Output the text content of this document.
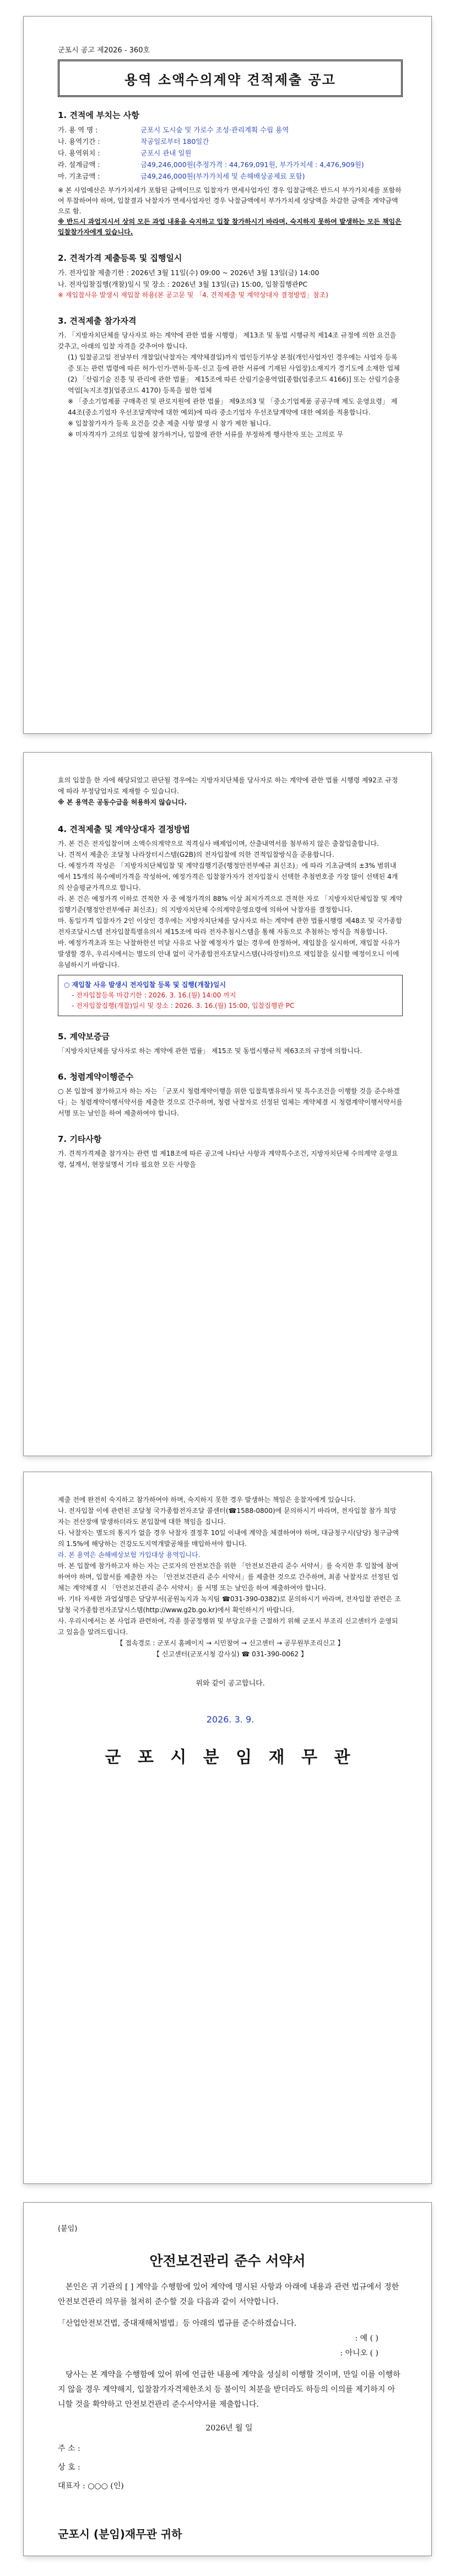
군포시 공고 제2026 - 360호
용역 소액수의계약 견적제출 공고
1. 견적에 부치는 사항
가. 용 역 명 :	군포시 도시숲 및 가로수 조성·관리계획 수립 용역
나. 용역기간 :	착공일로부터 180일간
다. 용역위치 :	군포시 관내 일원
라. 설계금액 :	금49,246,000원(추정가격 : 44,769,091원, 부가가치세 : 4,476,909원)
마. 기초금액 :	금49,246,000원(부가가치세 및 손해배상공제료 포함)
※ 본 사업예산은 부가가치세가 포함된 금액이므로 입찰자가 면세사업자인 경우 입찰금액은 반드시 부가가치세를 포함하여 투찰하여야 하며, 입찰결과 낙찰자가 면세사업자인 경우 낙찰금액에서 부가가치세 상당액을 차감한 금액을 계약금액으로 함.
※ 반드시 과업지시서 상의 모든 과업 내용을 숙지하고 입찰 참가하시기 바라며, 숙지하지 못하여 발생하는 모든 책임은 입찰참가자에게 있습니다.
2. 견적가격 제출등록 및 집행일시
가. 전자입찰 제출기한 : 2026년 3월 11일(수) 09:00 ~ 2026년 3월 13일(금) 14:00
나. 전자입찰집행(개찰)일시 및 장소 : 2026년 3월 13일(금) 15:00, 입찰집행관PC
※ 재입찰사유 발생시 재입찰 하용(본 공고문 및 「4. 견적제출 및 계약상대자 결정방법」참조)
3. 견적제출 참가자격
가. 「지방자치단체를 당사자로 하는 계약에 관한 법률 시행령」 제13조 및 동법 시행규칙 제14조 규정에 의한 요건을 갖추고, 아래의 입찰 자격을 갖추어야 합니다.
(1) 입찰공고일 전날부터 개찰일(낙찰자는 계약체결일)까지 법인등기부상 본점(개인사업자인 경우에는 사업자 등록증 또는 관련 법령에 따른 허가·인가·면허·등록·신고 등에 관한 서류에 기재된 사업장)소재지가 경기도에 소재한 업체
(2) 「산림기술 진흥 및 관리에 관한 법률」 제15조에 따른 산림기술용역업[종합(업종코드 4166)] 또는 산림기술용역업[녹지조경](업종코드 4170) 등록을 필한 업체
※ 「중소기업제품 구매촉진 및 판로지원에 관한 법률」 제9조의3 및 「중소기업제품 공공구매 제도 운영요령」 제44조(중소기업자 우선조달계약에 대한 예외)에 따라 중소기업자 우선조달계약에 대한 예외를 적용합니다.
※ 입찰참가자가 등록 요건을 갖춘 제출 사항 발생 시 참가 제한 됩니다.
※ 미자격자가 고의로 입찰에 참가하거나, 입찰에 관한 서류를 부정하게 행사한자 또는 고의로 무
효의 입찰을 한 자에 해당되었고 판단될 경우에는 지방자치단체를 당사자로 하는 계약에 관한 법률 시행령 제92조 규정에 따라 부정당업자로 제재할 수 있습니다.
※ 본 용역은 공동수급을 허용하지 않습니다.
4. 견적제출 및 계약상대자 결정방법
가. 본 건은 전자입찰이며 소액수의계약으로 적격심사 배제업이며, 산출내역서를 첨부하지 않은 출찰입출합니다.
나. 견적서 제출은 조달청 나라장터시스템(G2B)의 전자입찰에 의한 견적입찰방식을 준용합니다.
다. 예정가격 작성은 「지방자치단체입찰 및 계약집행기준(행정안전부예규 최신조)」에 따라 기초금액의 ±3% 범위내에서 15개의 복수예비가격을 작성하여, 예정가격은 입찰참가자가 전자입찰시 선택한 추첨번호중 가장 많이 선택된 4개의 산술평균가격으로 합니다.
라. 본 건은 예정가격 이하로 견적한 자 중 예정가격의 88% 이상 최저가격으로 견적한 자로 「지방자치단체입찰 및 계약집행기준(행정안전부예규 최신조)」의 지방자치단체 수의계약운영요령에 의하여 낙찰자를 결정합니다.
마. 동일가격 입찰자가 2인 이상인 경우에는 지방자치단체를 당사자로 하는 계약에 관한 법률시행령 제48조 및 국가종합전자조달시스템 전자입찰특별유의서 제15조에 따라 전자추첨시스템을 통해 자동으로 추첨하는 방식을 적용합니다.
바. 예정가격초과 또는 낙찰하한선 미달 사유로 낙찰 예정자가 없는 경우에 한정하여, 재입찰을 실시하며, 재입찰 사유가 발생할 경우, 우리시에서는 별도의 안내 없이 국가종합전자조달시스템(나라장터)으로 재입찰을 실시할 예정이오니 이에 유념하시기 바랍니다.
○ 재입찰 사유 발생시 전자입찰 등록 및 집행(개찰)일시
- 전자입찰등록 마감기한 : 2026. 3. 16.(월) 14:00 까지
- 전자입찰집행(개찰)일시 및 장소 : 2026. 3. 16.(월) 15:00, 입찰집행관 PC
5. 계약보증금
「지방자치단체를 당사자로 하는 계약에 관한 법률」 제15조 및 동법시행규칙 제63조의 규정에 의합니다.
6. 청렴계약이행준수
○ 본 입찰에 참가하고자 하는 자는 「군포시 청렴계약이행을 위한 입찰특별유의서 및 특수조건을 이행할 것을 준수하겠다」는 청렴계약이행서약서를 제출한 것으로 간주하며, 청렴 낙찰자로 선정된 업체는 계약체결 시 청렴계약이행서약서를 서명 또는 날인을 하여 제출하여야 합니다.
7. 기타사항
가. 견적가격제출 참가자는 관련 법 제18조에 따른 공고에 나타난 사항과 계약특수조건, 지방자치단체 수의계약 운영요령, 설계서, 현장설명서 기타 필요한 모든 사항을
제출 전에 완전히 숙지하고 참가하여야 하며, 숙지하지 못한 경우 발생하는 책임은 응찰자에게 있습니다.
나. 전자입찰 이에 관련된 조달청 국가종합전자조달 콜센터(☎1588-0800)에 문의하시기 바라며, 전자입찰 참가 희망자는 전산장애 발생하더라도 본입찰에 대한 책임을 집니다.
다. 낙찰자는 별도의 통지가 없을 경우 낙찰자 결정후 10일 이내에 계약을 체결하여야 하며, 대금청구시(담당) 청구금액의 1.5%에 해당하는 건강도도지역개발공채를 매입하셔야 합니다.
라. 본 용역은 손해배상보험 가입대상 용역입니다.
마. 본 입찰에 참가하고자 하는 자는 근로자의 안전보건을 위한 「안전보건관리 준수 서약서」를 숙지한 후 입찰에 참여하여야 하며, 입찰서를 제출한 자는 「안전보건관리 준수 서약서」를 제출한 것으로 간주하며, 최종 낙찰자로 선정된 업체는 계약체결 시 「안전보건관리 준수 서약서」를 서명 또는 날인을 하여 제출하여야 합니다.
바. 기타 자세한 과업설명은 담당부서(공원녹지과 녹지팀 ☎031-390-0382)로 문의하시기 바라며, 전자입찰 관련은 조달청 국가종합전자조달시스템(http://www.g2b.go.kr)에서 확인하시기 바랍니다.
사. 우리시에서는 본 사업과 관련하여, 각종 불공정행위 및 부당요구를 근절하기 위해 군포시 부조리 신고센터가 운영되고 있음을 알려드립니다.
【 접속경로 : 군포시 홈페이지 → 시민참여 → 신고센터 → 공무원부조리신고 】
【 신고센터(군포시청 감사실) ☎ 031-390-0062 】
위와 같이 공고합니다.
2026. 3. 9.
군 포 시 분 임 재 무 관
(붙임)
안전보건관리 준수 서약서
본인은 귀 기관의 [ ] 계약을 수행함에 있어 계약에 명시된 사항과 아래에 내용과 관련 법규에서 정한 안전보건관리 의무를 철저히 준수할 것을 다음과 같이 서약합니다.
「산업안전보건법, 중대재해처벌법」등 아래의 법규를 준수하겠습니다.
: 예 ( )
: 아니오 ( )
당사는 본 계약을 수행함에 있어 위에 언급한 내용에 계약을 성실히 이행할 것이며, 만일 이를 이행하지 않을 경우 계약해지, 입찰참가자격제한조치 등 불이익 처분을 받더라도 하등의 이의를 제기하지 아니할 것을 확약하고 안전보건관리 준수서약서를 제출합니다.
2026년 월 일
주 소 :
상 호 :
대표자 : ○○○ (인)
군포시 (분임)재무관 귀하
